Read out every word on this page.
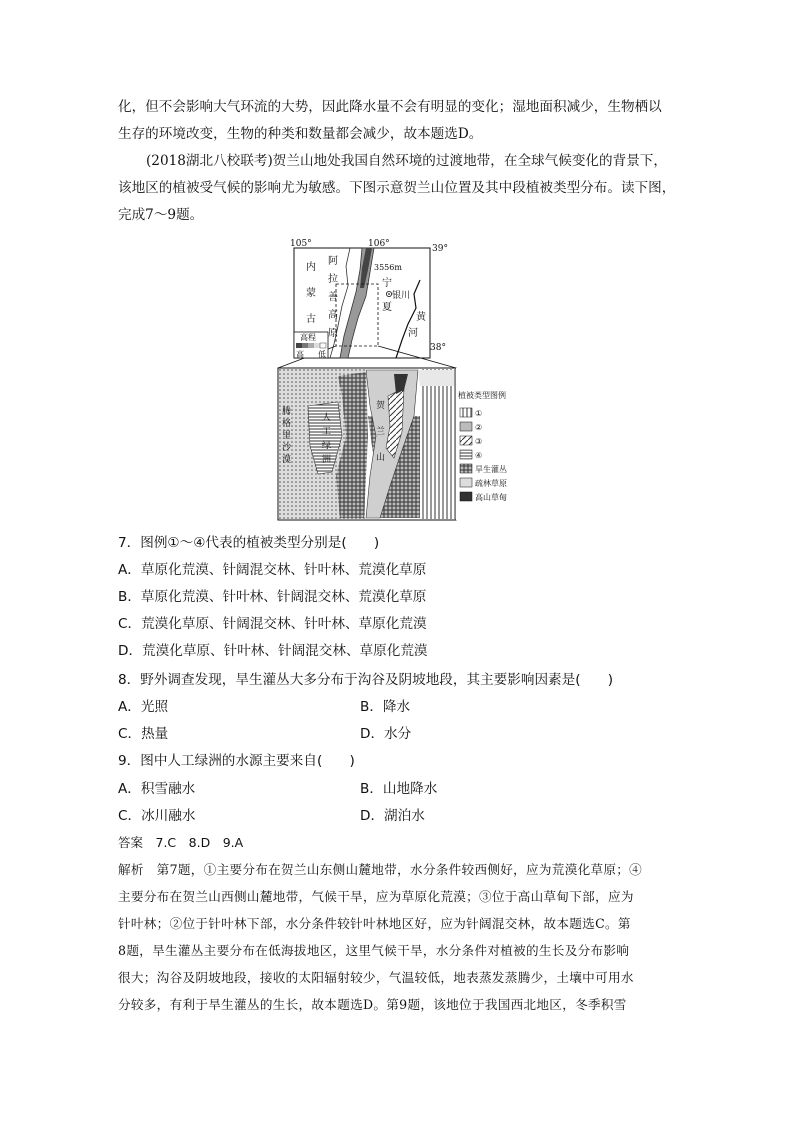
化，但不会影响大气环流的大势，因此降水量不会有明显的变化；湿地面积减少，生物栖以
生存的环境改变，生物的种类和数量都会减少，故本题选D。
(2018湖北八校联考)贺兰山地处我国自然环境的过渡地带，在全球气候变化的背景下，
该地区的植被受气候的影响尤为敏感。下图示意贺兰山位置及其中段植被类型分布。读下图，
完成7～9题。
105°	106°	39°
38°
3556m
银川
高程
高 低
内
蒙
古
阿
拉
善
高
原
宁
夏
黄
河
腾
格
里
沙
漠
人
工
绿
洲
贺
兰
山
植被类型图例
①
②
③
④
旱生灌丛
疏林草原
高山草甸
7．图例①～④代表的植被类型分别是(　　)
A．草原化荒漠、针阔混交林、针叶林、荒漠化草原
B．草原化荒漠、针叶林、针阔混交林、荒漠化草原
C．荒漠化草原、针阔混交林、针叶林、草原化荒漠
D．荒漠化草原、针叶林、针阔混交林、草原化荒漠
8．野外调查发现，旱生灌丛大多分布于沟谷及阴坡地段，其主要影响因素是(　　)
A．光照	B．降水
C．热量	D．水分
9．图中人工绿洲的水源主要来自(　　)
A．积雪融水	B．山地降水
C．冰川融水	D．湖泊水
答案　7.C　8.D　9.A
解析　第7题，①主要分布在贺兰山东侧山麓地带，水分条件较西侧好，应为荒漠化草原；④
主要分布在贺兰山西侧山麓地带，气候干旱，应为草原化荒漠；③位于高山草甸下部，应为
针叶林；②位于针叶林下部，水分条件较针叶林地区好，应为针阔混交林，故本题选C。第
8题，旱生灌丛主要分布在低海拔地区，这里气候干旱，水分条件对植被的生长及分布影响
很大；沟谷及阴坡地段，接收的太阳辐射较少，气温较低，地表蒸发蒸腾少，土壤中可用水
分较多，有利于旱生灌丛的生长，故本题选D。第9题，该地位于我国西北地区，冬季积雪
